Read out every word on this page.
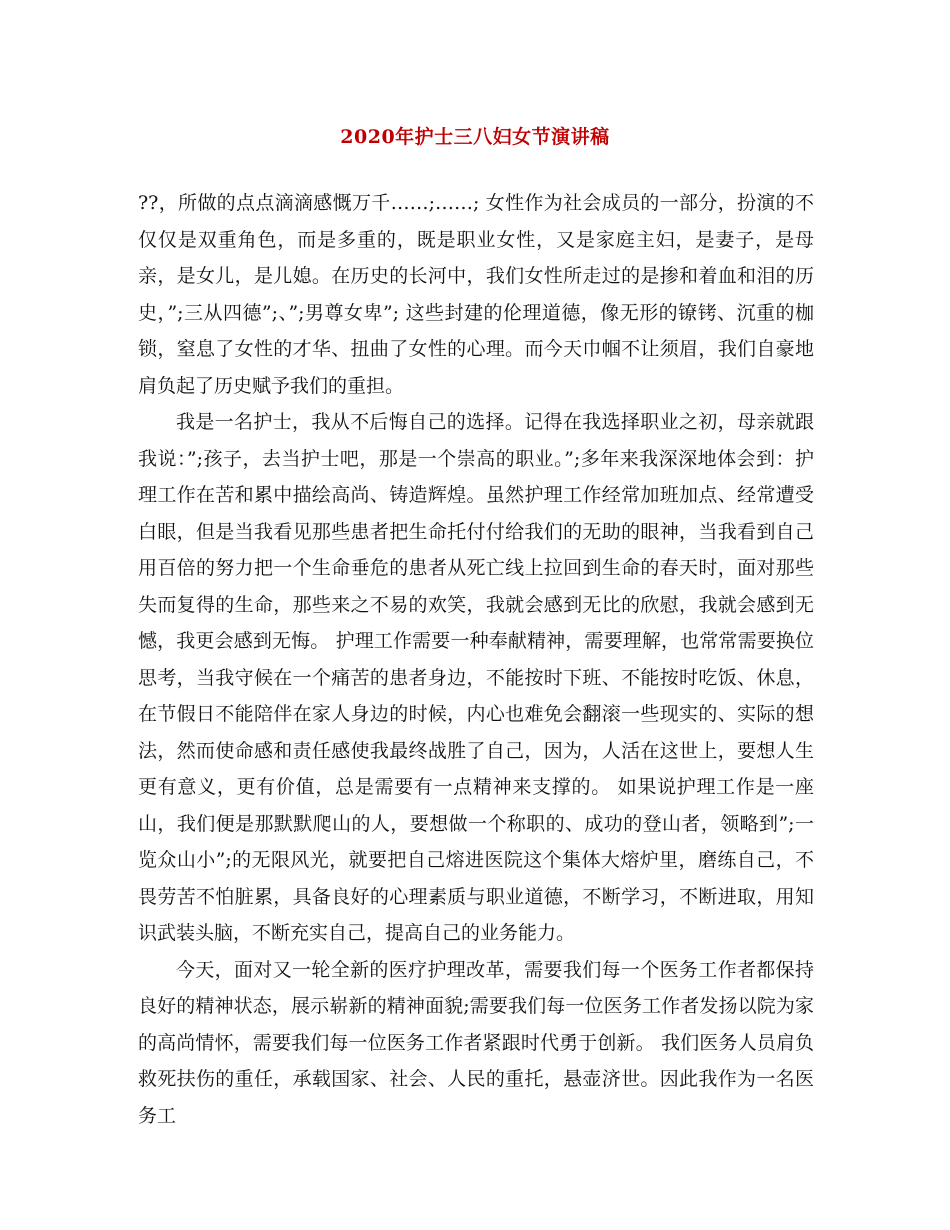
2020年护士三八妇女节演讲稿

??，所做的点点滴滴感慨万千……;……; 女性作为社会成员的一部分，扮演的不仅仅是双重角色，而是多重的，既是职业女性，又是家庭主妇，是妻子，是母亲，是女儿，是儿媳。在历史的长河中，我们女性所走过的是掺和着血和泪的历史，”;三从四德”;、”;男尊女卑”; 这些封建的伦理道德，像无形的镣铐、沉重的枷锁，窒息了女性的才华、扭曲了女性的心理。而今天巾帼不让须眉，我们自豪地肩负起了历史赋予我们的重担。

我是一名护士，我从不后悔自己的选择。记得在我选择职业之初，母亲就跟我说：”;孩子，去当护士吧，那是一个崇高的职业。”;多年来我深深地体会到：护理工作在苦和累中描绘高尚、铸造辉煌。虽然护理工作经常加班加点、经常遭受白眼，但是当我看见那些患者把生命托付付给我们的无助的眼神，当我看到自己用百倍的努力把一个生命垂危的患者从死亡线上拉回到生命的春天时，面对那些失而复得的生命，那些来之不易的欢笑，我就会感到无比的欣慰，我就会感到无憾，我更会感到无悔。 护理工作需要一种奉献精神，需要理解，也常常需要换位思考，当我守候在一个痛苦的患者身边，不能按时下班、不能按时吃饭、休息，在节假日不能陪伴在家人身边的时候，内心也难免会翻滚一些现实的、实际的想法，然而使命感和责任感使我最终战胜了自己，因为，人活在这世上，要想人生更有意义，更有价值，总是需要有一点精神来支撑的。 如果说护理工作是一座山，我们便是那默默爬山的人，要想做一个称职的、成功的登山者，领略到”;一览众山小”;的无限风光，就要把自己熔进医院这个集体大熔炉里，磨练自己，不畏劳苦不怕脏累，具备良好的心理素质与职业道德，不断学习，不断进取，用知识武装头脑，不断充实自己，提高自己的业务能力。

今天，面对又一轮全新的医疗护理改革，需要我们每一个医务工作者都保持良好的精神状态，展示崭新的精神面貌;需要我们每一位医务工作者发扬以院为家的高尚情怀，需要我们每一位医务工作者紧跟时代勇于创新。 我们医务人员肩负救死扶伤的重任，承载国家、社会、人民的重托，悬壶济世。因此我作为一名医务工
